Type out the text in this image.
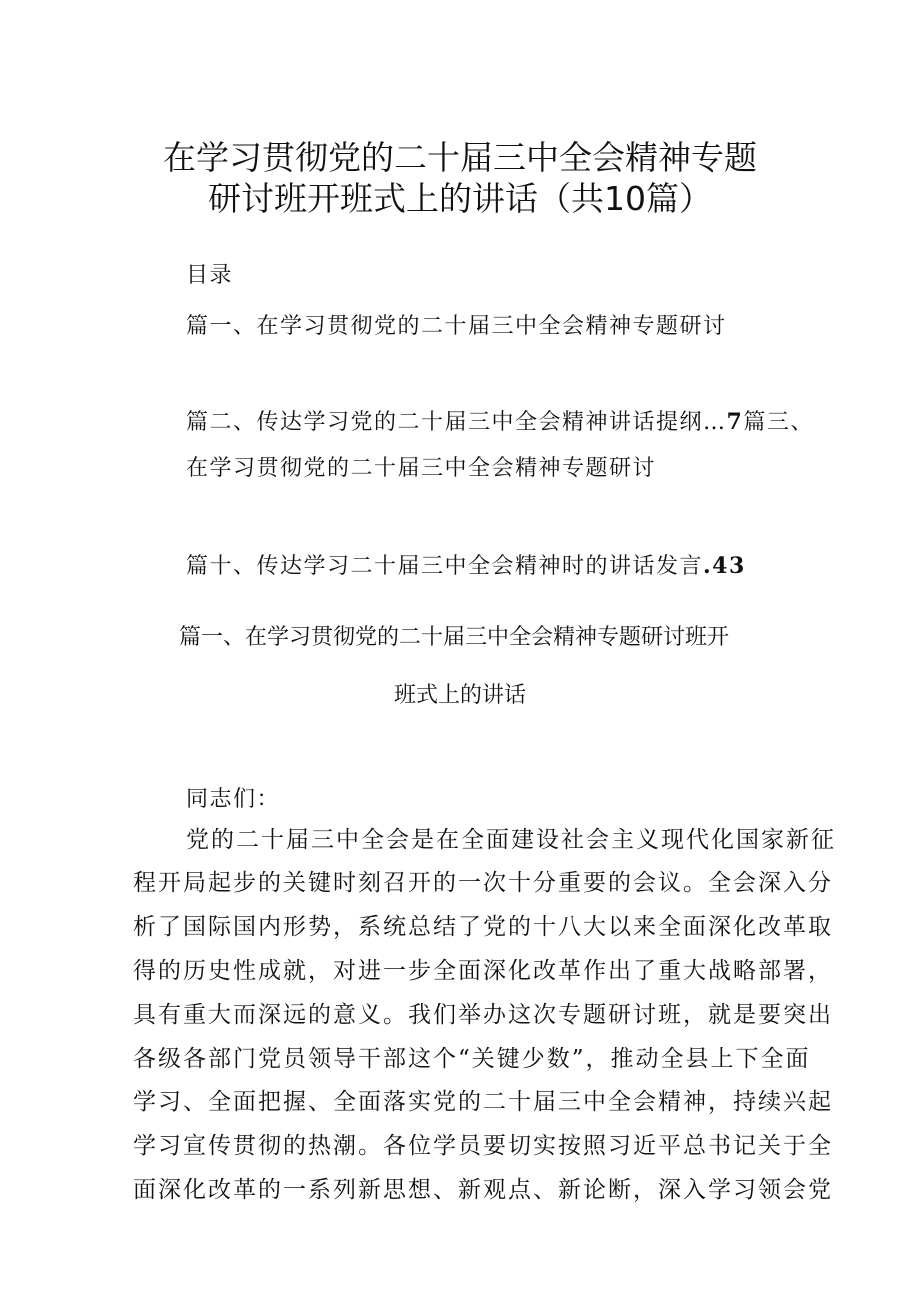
在学习贯彻党的二十届三中全会精神专题
研讨班开班式上的讲话（共10篇）
目录
篇一、在学习贯彻党的二十届三中全会精神专题研讨
篇二、传达学习党的二十届三中全会精神讲话提纲…7篇三、
在学习贯彻党的二十届三中全会精神专题研讨
篇十、传达学习二十届三中全会精神时的讲话发言.43
篇一、在学习贯彻党的二十届三中全会精神专题研讨班开
班式上的讲话
同志们：
党的二十届三中全会是在全面建设社会主义现代化国家新征
程开局起步的关键时刻召开的一次十分重要的会议。全会深入分
析了国际国内形势，系统总结了党的十八大以来全面深化改革取
得的历史性成就，对进一步全面深化改革作出了重大战略部署，
具有重大而深远的意义。我们举办这次专题研讨班，就是要突出
各级各部门党员领导干部这个“关键少数”，推动全县上下全面
学习、全面把握、全面落实党的二十届三中全会精神，持续兴起
学习宣传贯彻的热潮。各位学员要切实按照习近平总书记关于全
面深化改革的一系列新思想、新观点、新论断，深入学习领会党
